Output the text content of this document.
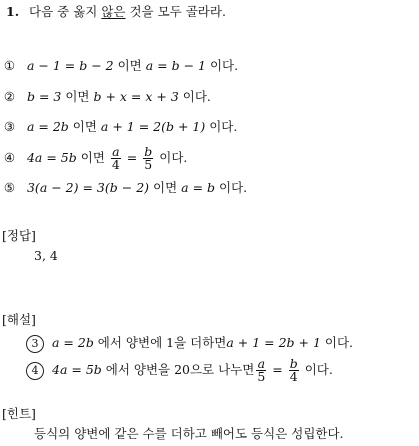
1. 다음 중 옳지 않은 것을 모두 골라라.
① a − 1 = b − 2 이면 a = b − 1 이다.
② b = 3 이면 b + x = x + 3 이다.
③ a = 2b 이면 a + 1 = 2(b + 1) 이다.
④ 4a = 5b 이면 $\frac{a}{4} = \frac{b}{5}$ 이다.
⑤ 3(a − 2) = 3(b − 2) 이면 a = b 이다.
[정답]
3, 4
[해설]
3 a = 2b 에서 양변에 1을 더하면a + 1 = 2b + 1 이다.
4 4a = 5b 에서 양변을 20으로 나누면 $\frac{a}{5} = \frac{b}{4}$ 이다.
[힌트]
등식의 양변에 같은 수를 더하고 빼어도 등식은 성립한다.
